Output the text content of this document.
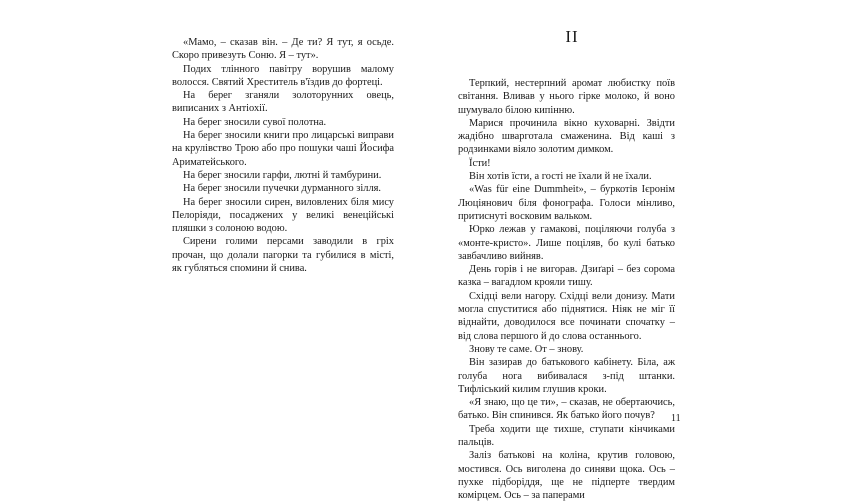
«Мамо, – сказав він. – Де ти? Я тут, я осьде. Скоро привезуть Соню. Я – тут».

Подих тлінного павітру ворушив малому волосся. Святий Хреститель в'їздив до фортеці.

На берег зганяли золоторунних овець, виписаних з Антіохії.

На берег зносили сувої полотна.

На берег зносили книги про лицарські виправи на крулівство Трою або про пошуки чаші Йосифа Ариматейського.

На берег зносили гарфи, лютні й тамбурини.

На берег зносили пучечки дурманного зілля.

На берег зносили сирен, виловлених біля мису Пелоріяди, посаджених у великі венеційські пляшки з солоною водою.

Сирени голими персами заводили в гріх прочан, що долали пагорки та губилися в місті, як губляться спомини й снива.

II

Терпкий, нестерпний аромат любистку поїв світання. Вливав у нього гірке молоко, й воно шумувало білою кипінню.

Марися прочинила вікно куховарні. Звідти жадібно шварготала смаженина. Від каші з родзинками віяло золотим димком.

Їсти!

Він хотів їсти, а гості не їхали й не їхали.

«Was für eine Dummheit», – буркотів Ієронім Люціянович біля фонографа. Голоси мінливо, притиснуті восковим вальком.

Юрко лежав у гамакові, поціляючи голуба з «монте-кристо». Лише поціляв, бо кулі батько завбачливо вийняв.

День горів і не вигорав. Дзиґарі – без сорома казка – вагадлом крояли тишу.

Східці вели нагору. Східці вели донизу. Мати могла спуститися або піднятися. Ніяк не міг її віднайти, доводилося все починати спочатку – від слова першого й до слова останнього.

Знову те саме. От – знову.

Він зазирав до батькового кабінету. Біла, аж голуба нога вибивалася з-під штанки. Тифліський килим глушив кроки.

«Я знаю, що це ти», – сказав, не обертаючись, батько. Він спинився. Як батько його почув?

Треба ходити ще тихше, ступати кінчиками пальців.

Заліз батькові на коліна, крутив головою, мостився. Ось виголена до синяви щока. Ось – пухке підборіддя, ще не підперте твердим комірцем. Ось – за паперами

11
